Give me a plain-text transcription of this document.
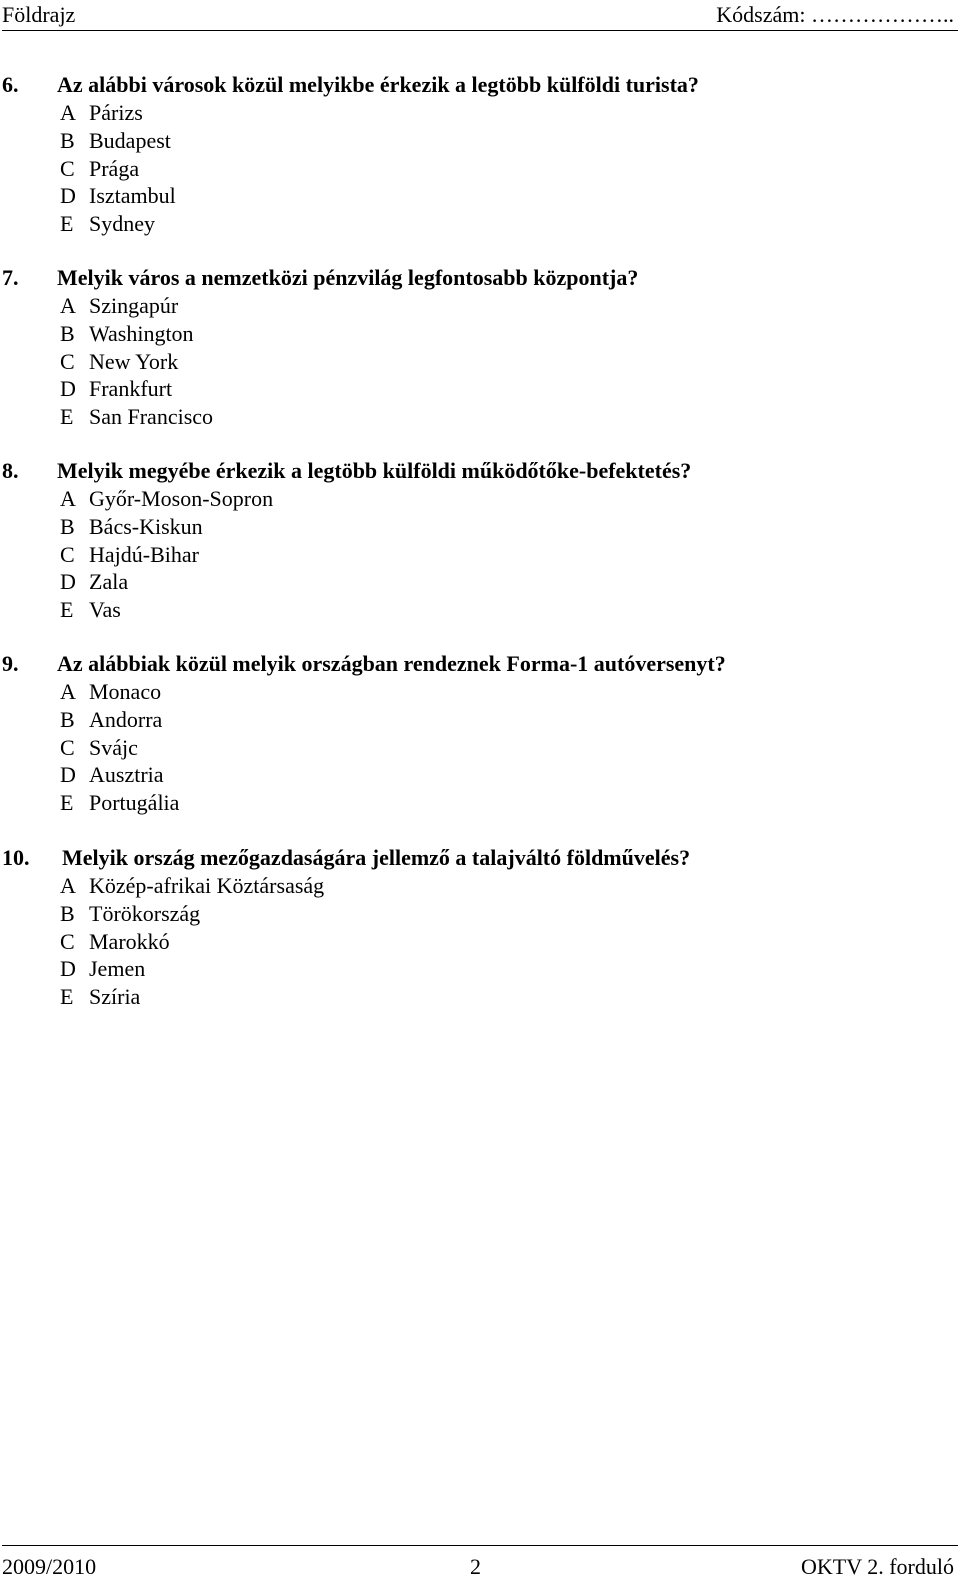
Földrajz	Kódszám: ………………..
6. Az alábbi városok közül melyikbe érkezik a legtöbb külföldi turista?
A Párizs
B Budapest
C Prága
D Isztambul
E Sydney
7. Melyik város a nemzetközi pénzvilág legfontosabb központja?
A Szingapúr
B Washington
C New York
D Frankfurt
E San Francisco
8. Melyik megyébe érkezik a legtöbb külföldi működőtőke-befektetés?
A Győr-Moson-Sopron
B Bács-Kiskun
C Hajdú-Bihar
D Zala
E Vas
9. Az alábbiak közül melyik országban rendeznek Forma-1 autóversenyt?
A Monaco
B Andorra
C Svájc
D Ausztria
E Portugália
10. Melyik ország mezőgazdaságára jellemző a talajváltó földművelés?
A Közép-afrikai Köztársaság
B Törökország
C Marokkó
D Jemen
E Szíria
2009/2010	2	OKTV 2. forduló
